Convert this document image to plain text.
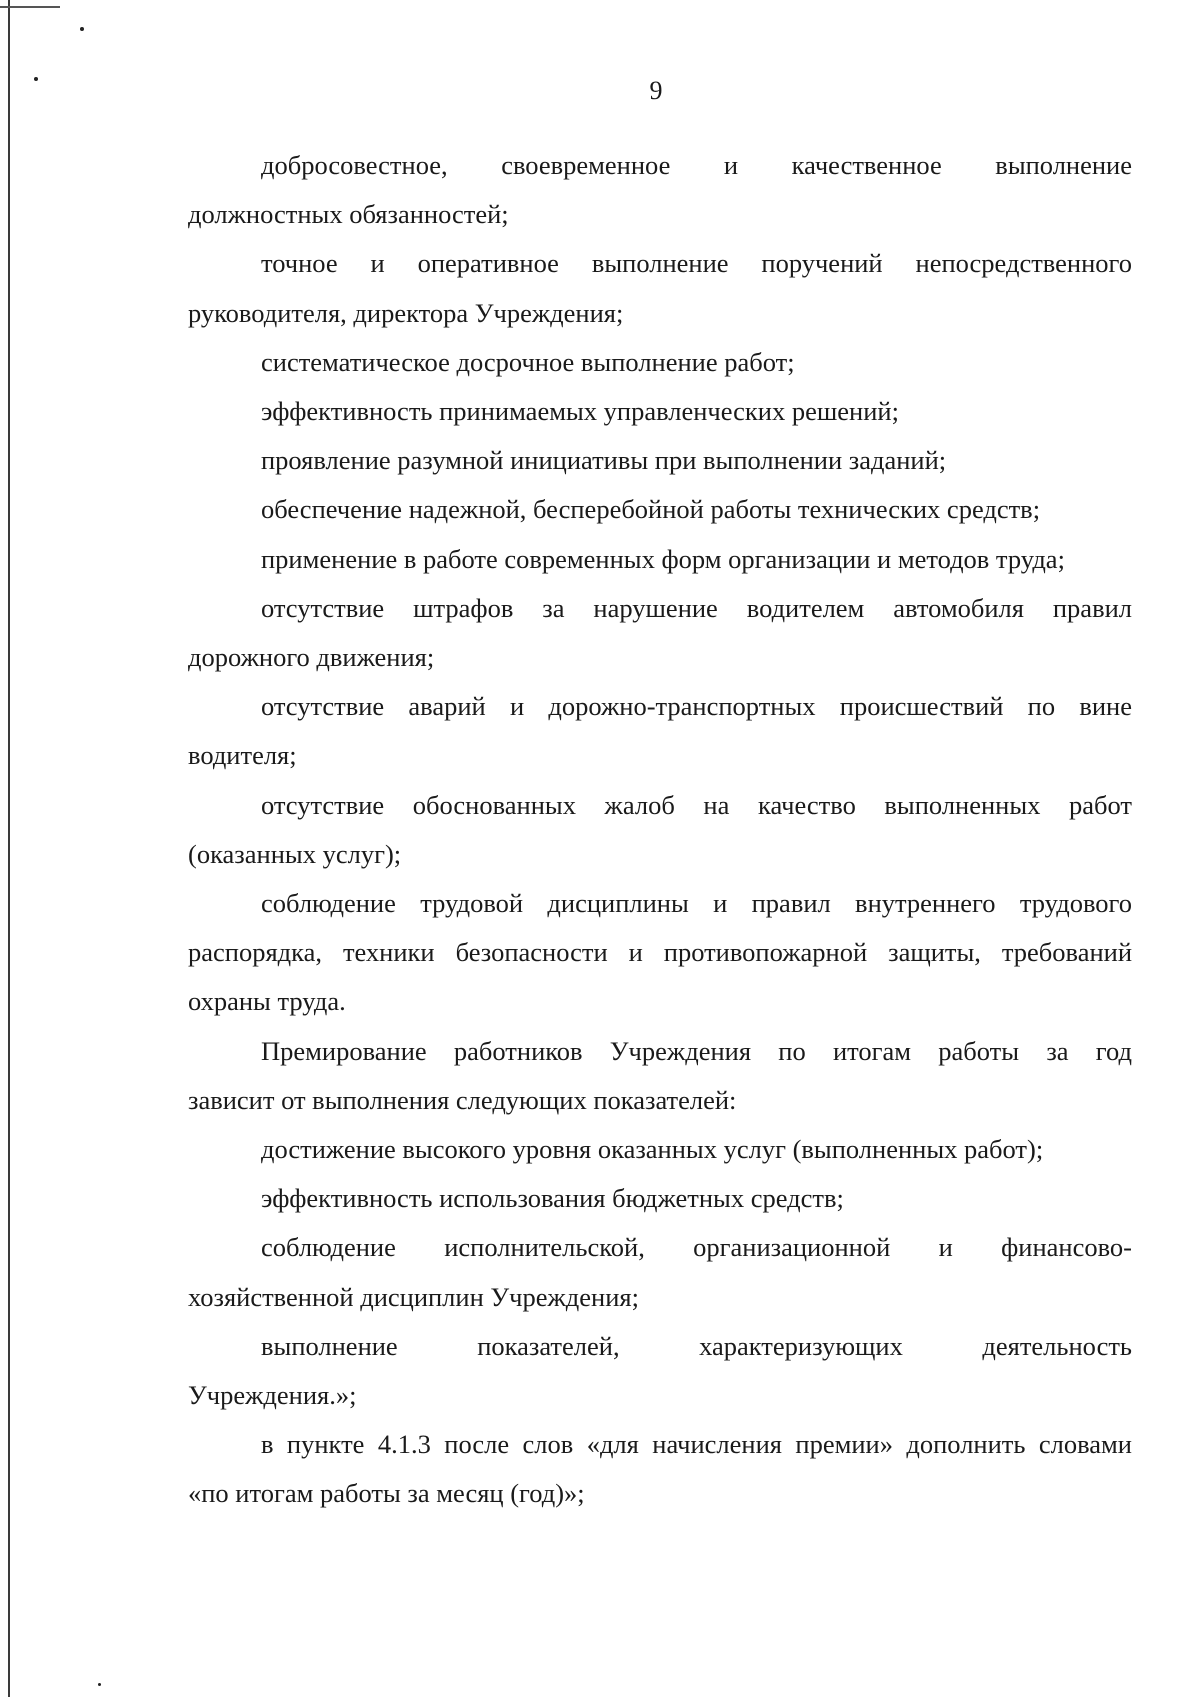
9

добросовестное, своевременное и качественное выполнение

должностных обязанностей;

точное и оперативное выполнение поручений непосредственного

руководителя, директора Учреждения;

систематическое досрочное выполнение работ;

эффективность принимаемых управленческих решений;

проявление разумной инициативы при выполнении заданий;

обеспечение надежной, бесперебойной работы технических средств;

применение в работе современных форм организации и методов труда;

отсутствие штрафов за нарушение водителем автомобиля правил

дорожного движения;

отсутствие аварий и дорожно-транспортных происшествий по вине

водителя;

отсутствие обоснованных жалоб на качество выполненных работ

(оказанных услуг);

соблюдение трудовой дисциплины и правил внутреннего трудового

распорядка, техники безопасности и противопожарной защиты, требований

охраны труда.

Премирование работников Учреждения по итогам работы за год

зависит от выполнения следующих показателей:

достижение высокого уровня оказанных услуг (выполненных работ);

эффективность использования бюджетных средств;

соблюдение исполнительской, организационной и финансово-

хозяйственной дисциплин Учреждения;

выполнение показателей, характеризующих деятельность

Учреждения.»;

в пункте 4.1.3 после слов «для начисления премии» дополнить словами

«по итогам работы за месяц (год)»;
